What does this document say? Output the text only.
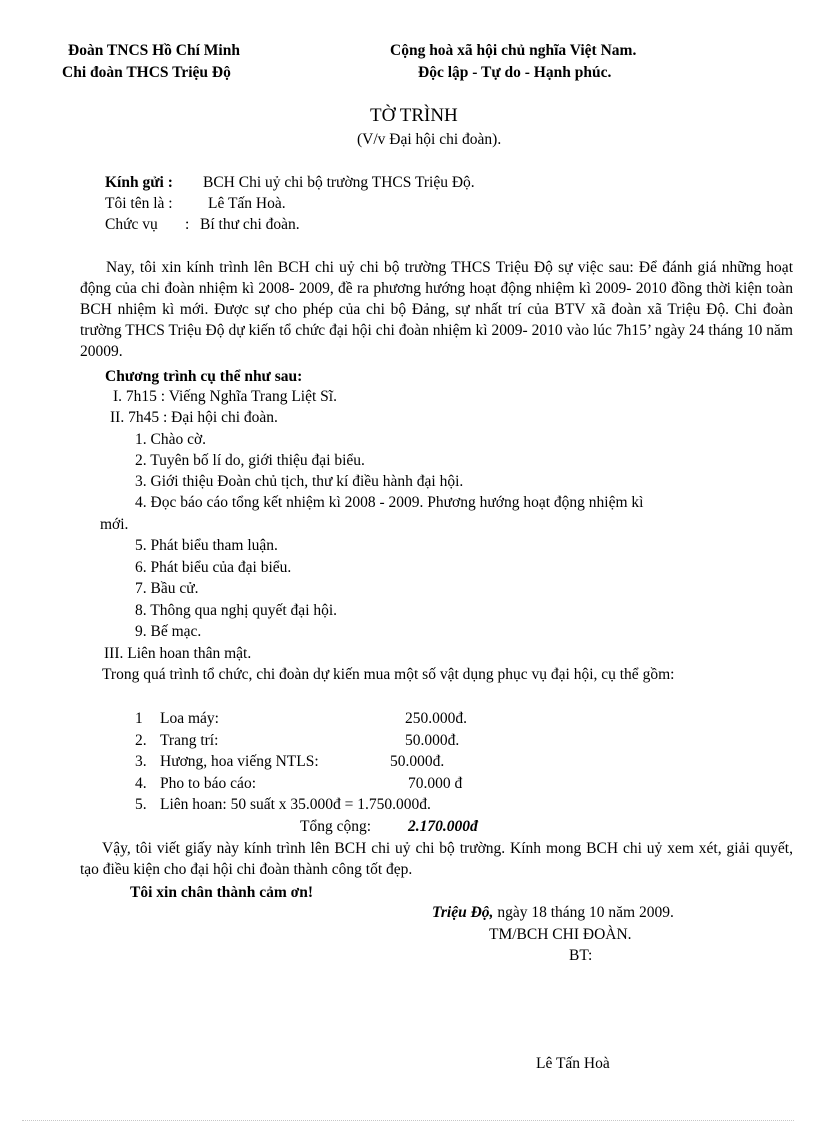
Đoàn TNCS Hồ Chí Minh
Chi đoàn THCS Triệu Độ
Cộng hoà xã hội chủ nghĩa Việt Nam.
Độc lập - Tự do - Hạnh phúc.
TỜ TRÌNH
(V/v Đại hội chi đoàn).
Kính gửi : BCH Chi uỷ chi bộ trường THCS Triệu Độ.
Tôi tên là : Lê Tấn Hoà.
Chức vụ : Bí thư chi đoàn.
Nay, tôi xin kính trình lên BCH chi uỷ chi bộ trường THCS Triệu Độ sự việc sau: Để đánh giá những hoạt động của chi đoàn nhiệm kì 2008- 2009, đề ra phương hướng hoạt động nhiệm kì 2009- 2010 đồng thời kiện toàn BCH nhiệm kì mới. Được sự cho phép của chi bộ Đảng, sự nhất trí của BTV xã đoàn xã Triệu Độ. Chi đoàn trường THCS Triệu Độ dự kiến tổ chức đại hội chi đoàn nhiệm kì 2009- 2010 vào lúc 7h15’ ngày 24 tháng 10 năm 20009.
Chương trình cụ thể như sau:
I. 7h15 : Viếng Nghĩa Trang Liệt Sĩ.
II. 7h45 : Đại hội chi đoàn.
1. Chào cờ.
2. Tuyên bố lí do, giới thiệu đại biểu.
3. Giới thiệu Đoàn chủ tịch, thư kí điều hành đại hội.
4. Đọc báo cáo tổng kết nhiệm kì 2008 - 2009. Phương hướng hoạt động nhiệm kì
mới.
5. Phát biểu tham luận.
6. Phát biểu của đại biểu.
7. Bầu cử.
8. Thông qua nghị quyết đại hội.
9. Bế mạc.
III. Liên hoan thân mật.
Trong quá trình tổ chức, chi đoàn dự kiến mua một số vật dụng phục vụ đại hội, cụ thể gồm:
1 Loa máy:	250.000đ.
2. Trang trí:	50.000đ.
3. Hương, hoa viếng NTLS:	50.000đ.
4. Pho to báo cáo:	70.000 đ
5. Liên hoan: 50 suất x 35.000đ = 1.750.000đ.
Tổng cộng: 2.170.000đ
Vậy, tôi viết giấy này kính trình lên BCH chi uỷ chi bộ trường. Kính mong BCH chi uỷ xem xét, giải quyết, tạo điều kiện cho đại hội chi đoàn thành công tốt đẹp.
Tôi xin chân thành cảm ơn!
Triệu Độ, ngày 18 tháng 10 năm 2009.
TM/BCH CHI ĐOÀN.
BT:
Lê Tấn Hoà
